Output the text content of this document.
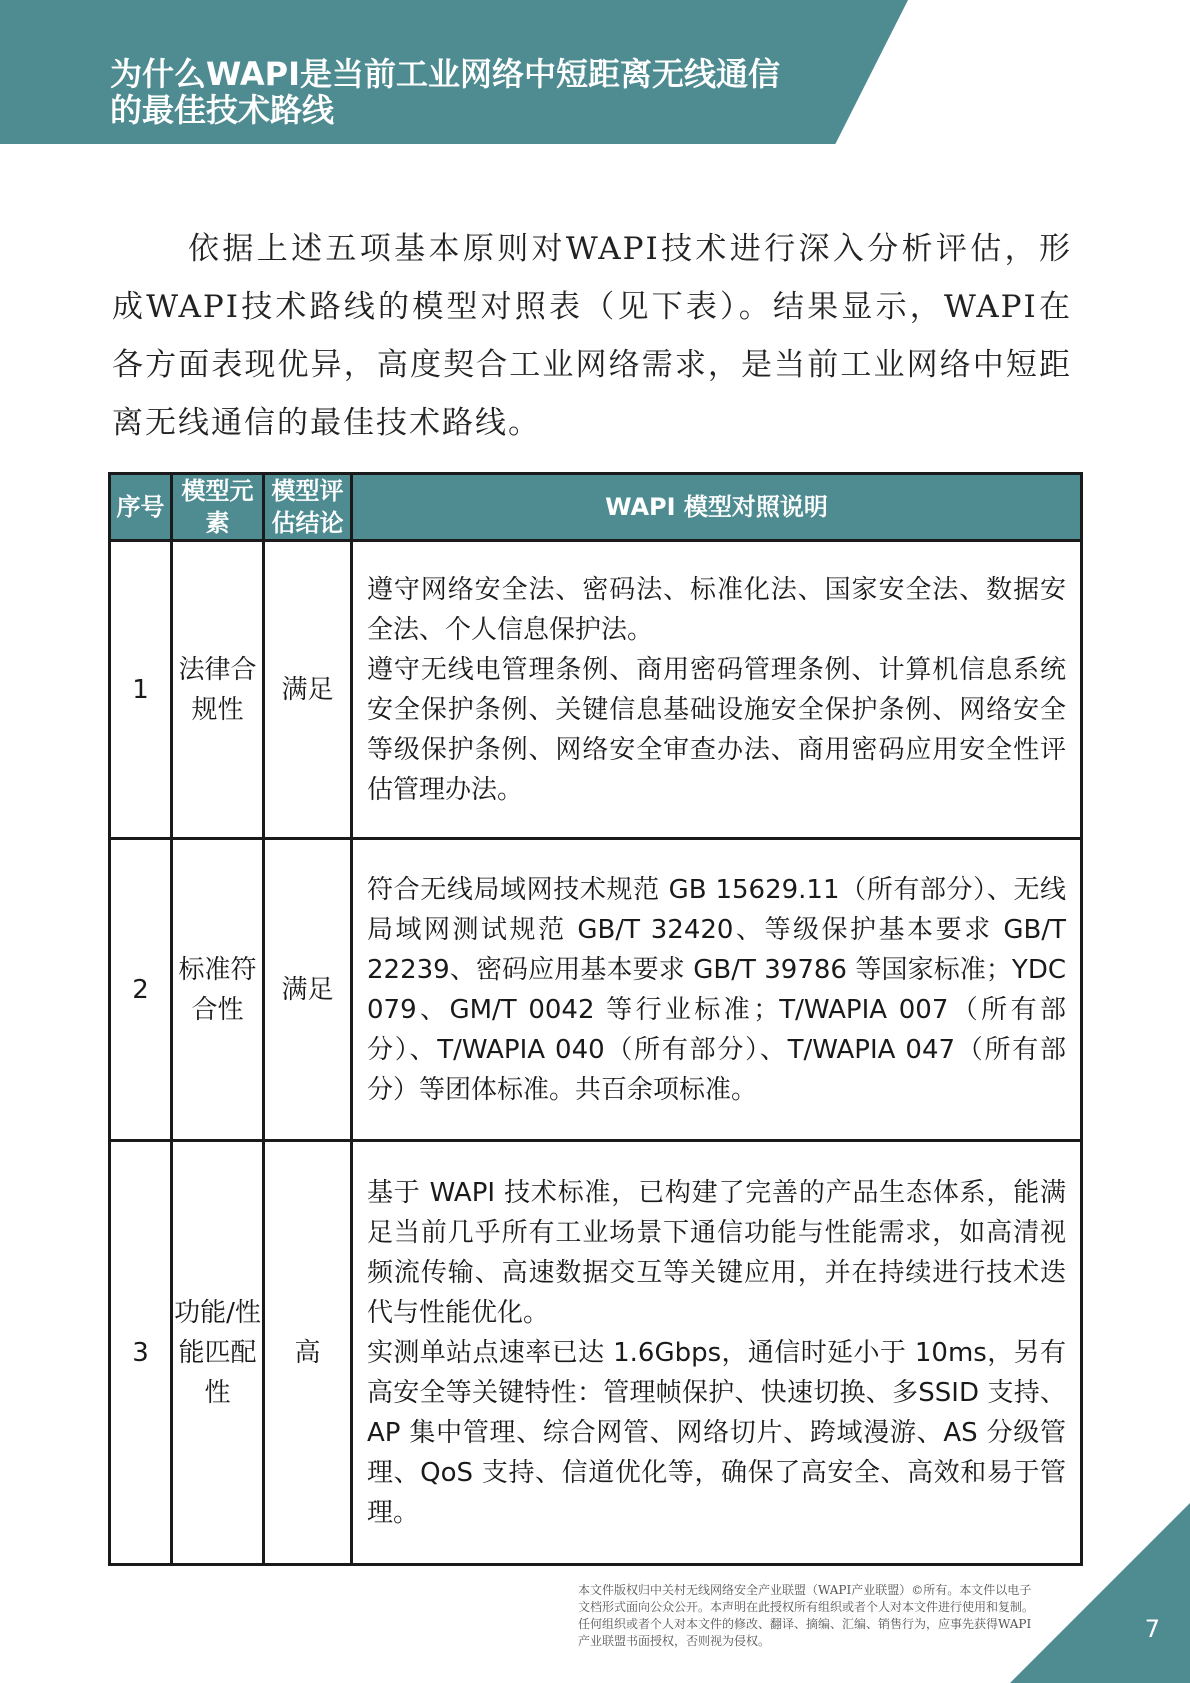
为什么WAPI是当前工业网络中短距离无线通信
的最佳技术路线

依据上述五项基本原则对WAPI技术进行深入分析评估，形成WAPI技术路线的模型对照表（见下表）。结果显示，WAPI在各方面表现优异，高度契合工业网络需求，是当前工业网络中短距离无线通信的最佳技术路线。

序号	模型元素	模型评估结论	WAPI 模型对照说明
1	法律合规性	满足	遵守网络安全法、密码法、标准化法、国家安全法、数据安全法、个人信息保护法。

遵守无线电管理条例、商用密码管理条例、计算机信息系统安全保护条例、关键信息基础设施安全保护条例、网络安全等级保护条例、网络安全审查办法、商用密码应用安全性评估管理办法。

2	标准符合性	满足	符合无线局域网技术规范 GB 15629.11（所有部分）、无线局域网测试规范 GB/T 32420、等级保护基本要求 GB/T 22239、密码应用基本要求 GB/T 39786 等国家标准；YDC 079、GM/T 0042 等行业标准；T/WAPIA 007（所有部分）、T/WAPIA 040（所有部分）、T/WAPIA 047（所有部分）等团体标准。共百余项标准。

3	功能/性能匹配性	高	基于 WAPI 技术标准，已构建了完善的产品生态体系，能满足当前几乎所有工业场景下通信功能与性能需求，如高清视频流传输、高速数据交互等关键应用，并在持续进行技术迭代与性能优化。

实测单站点速率已达 1.6Gbps，通信时延小于 10ms，另有高安全等关键特性：管理帧保护、快速切换、多SSID 支持、AP 集中管理、综合网管、网络切片、跨域漫游、AS 分级管理、QoS 支持、信道优化等，确保了高安全、高效和易于管理。

本文件版权归中关村无线网络安全产业联盟（WAPI产业联盟）©所有。本文件以电子文档形式面向公众公开。本声明在此授权所有组织或者个人对本文件进行使用和复制。任何组织或者个人对本文件的修改、翻译、摘编、汇编、销售行为，应事先获得WAPI产业联盟书面授权，否则视为侵权。	7
